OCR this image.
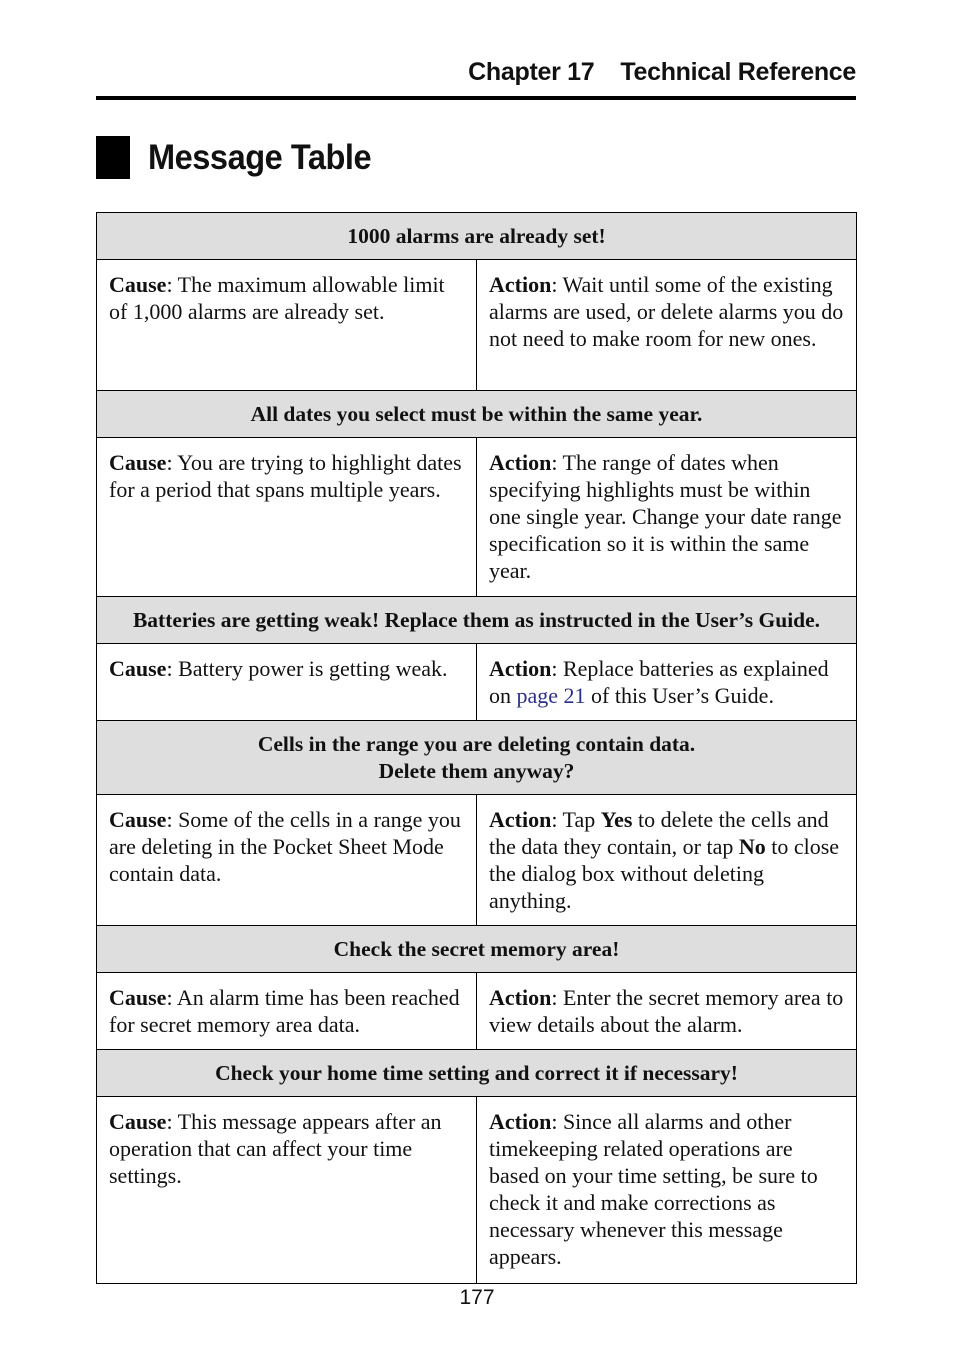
Chapter 17 Technical Reference
Message Table
1000 alarms are already set!	
Cause: The maximum allowable limit of 1,000 alarms are already set.	Action: Wait until some of the existing alarms are used, or delete alarms you do not need to make room for new ones.
All dates you select must be within the same year.	
Cause: You are trying to highlight dates for a period that spans multiple years.	Action: The range of dates when specifying highlights must be within one single year. Change your date range specification so it is within the same year.
Batteries are getting weak! Replace them as instructed in the User’s Guide.	
Cause: Battery power is getting weak.	Action: Replace batteries as explained on page 21 of this User’s Guide.
Cells in the range you are deleting contain data.
Delete them anyway?	
Cause: Some of the cells in a range you are deleting in the Pocket Sheet Mode contain data.	Action: Tap Yes to delete the cells and the data they contain, or tap No to close the dialog box without deleting anything.
Check the secret memory area!	
Cause: An alarm time has been reached for secret memory area data.	Action: Enter the secret memory area to view details about the alarm.
Check your home time setting and correct it if necessary!	
Cause: This message appears after an operation that can affect your time settings.	Action: Since all alarms and other timekeeping related operations are based on your time setting, be sure to check it and make corrections as necessary whenever this message appears.
177
